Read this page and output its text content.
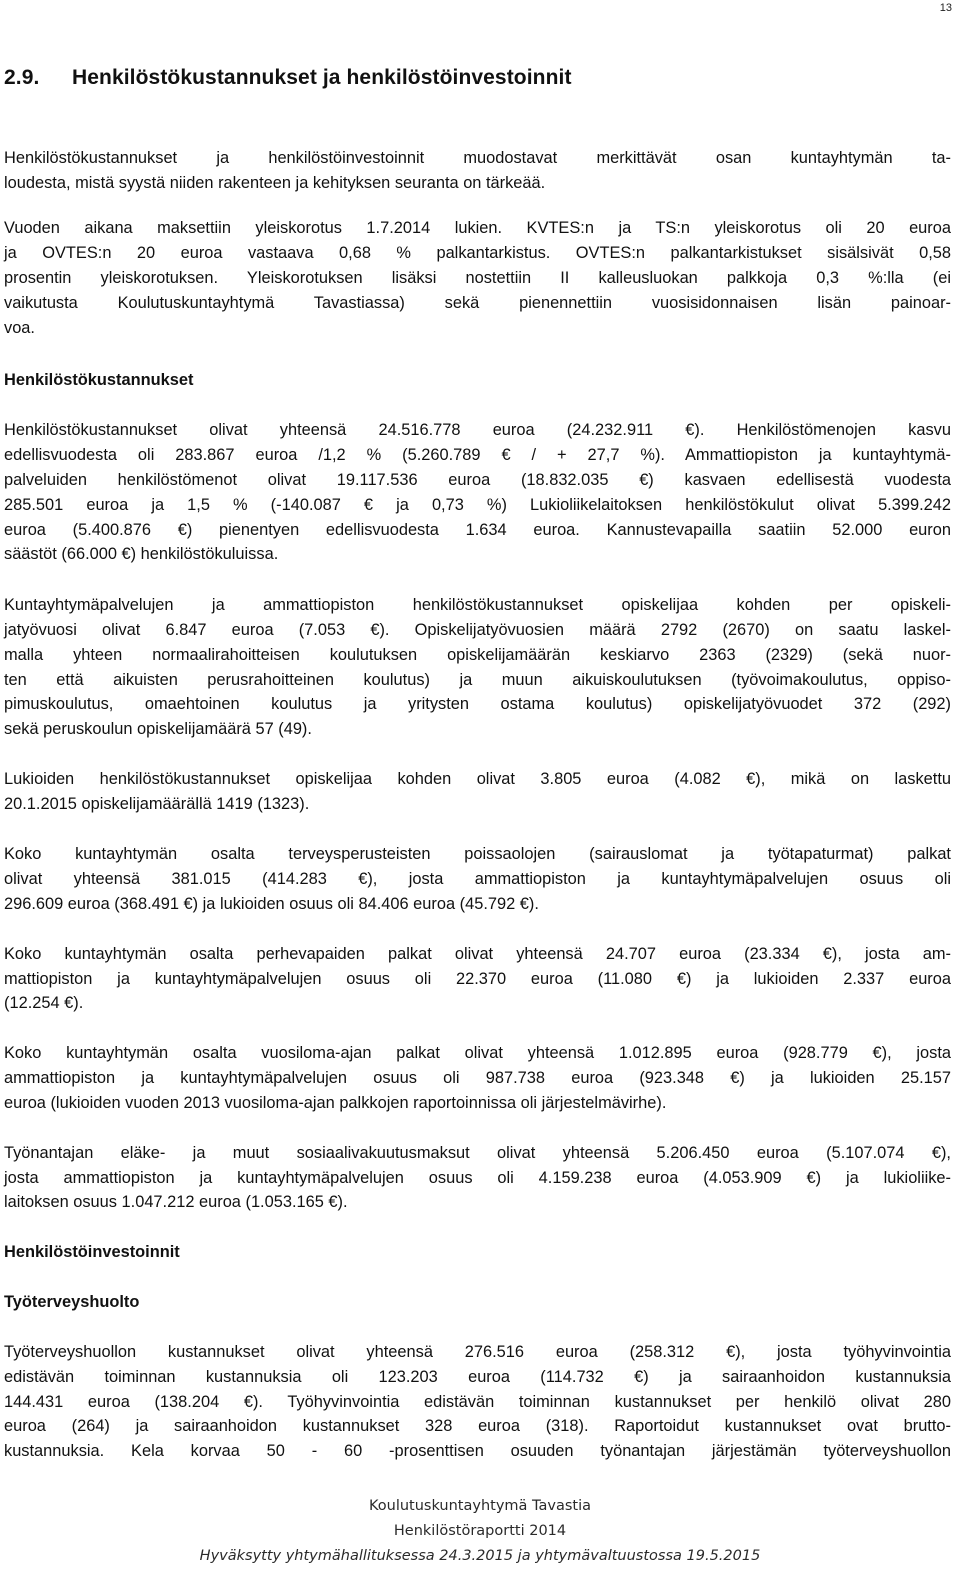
13
2.9. Henkilöstökustannukset ja henkilöstöinvestoinnit

Henkilöstökustannukset ja henkilöstöinvestoinnit muodostavat merkittävät osan kuntayhtymän ta-

loudesta, mistä syystä niiden rakenteen ja kehityksen seuranta on tärkeää.

Vuoden aikana maksettiin yleiskorotus 1.7.2014 lukien. KVTES:n ja TS:n yleiskorotus oli 20 euroa

ja OVTES:n 20 euroa vastaava 0,68 % palkantarkistus. OVTES:n palkantarkistukset sisälsivät 0,58

prosentin yleiskorotuksen. Yleiskorotuksen lisäksi nostettiin II kalleusluokan palkkoja 0,3 %:lla (ei

vaikutusta Koulutuskuntayhtymä Tavastiassa) sekä pienennettiin vuosisidonnaisen lisän painoar-

voa.

Henkilöstökustannukset

Henkilöstökustannukset olivat yhteensä 24.516.778 euroa (24.232.911 €). Henkilöstömenojen kasvu

edellisvuodesta oli 283.867 euroa /1,2 % (5.260.789 € / + 27,7 %). Ammattiopiston ja kuntayhtymä-

palveluiden henkilöstömenot olivat 19.117.536 euroa (18.832.035 €) kasvaen edellisestä vuodesta

285.501 euroa ja 1,5 % (-140.087 € ja 0,73 %) Lukioliikelaitoksen henkilöstökulut olivat 5.399.242

euroa (5.400.876 €) pienentyen edellisvuodesta 1.634 euroa. Kannustevapailla saatiin 52.000 euron

säästöt (66.000 €) henkilöstökuluissa.

Kuntayhtymäpalvelujen ja ammattiopiston henkilöstökustannukset opiskelijaa kohden per opiskeli-

jatyövuosi olivat 6.847 euroa (7.053 €). Opiskelijatyövuosien määrä 2792 (2670) on saatu laskel-

malla yhteen normaalirahoitteisen koulutuksen opiskelijamäärän keskiarvo 2363 (2329) (sekä nuor-

ten että aikuisten perusrahoitteinen koulutus) ja muun aikuiskoulutuksen (työvoimakoulutus, oppiso-

pimuskoulutus, omaehtoinen koulutus ja yritysten ostama koulutus) opiskelijatyövuodet 372 (292)

sekä peruskoulun opiskelijamäärä 57 (49).

Lukioiden henkilöstökustannukset opiskelijaa kohden olivat 3.805 euroa (4.082 €), mikä on laskettu

20.1.2015 opiskelijamäärällä 1419 (1323).

Koko kuntayhtymän osalta terveysperusteisten poissaolojen (sairauslomat ja työtapaturmat) palkat

olivat yhteensä 381.015 (414.283 €), josta ammattiopiston ja kuntayhtymäpalvelujen osuus oli

296.609 euroa (368.491 €) ja lukioiden osuus oli 84.406 euroa (45.792 €).

Koko kuntayhtymän osalta perhevapaiden palkat olivat yhteensä 24.707 euroa (23.334 €), josta am-

mattiopiston ja kuntayhtymäpalvelujen osuus oli 22.370 euroa (11.080 €) ja lukioiden 2.337 euroa

(12.254 €).

Koko kuntayhtymän osalta vuosiloma-ajan palkat olivat yhteensä 1.012.895 euroa (928.779 €), josta

ammattiopiston ja kuntayhtymäpalvelujen osuus oli 987.738 euroa (923.348 €) ja lukioiden 25.157

euroa (lukioiden vuoden 2013 vuosiloma-ajan palkkojen raportoinnissa oli järjestelmävirhe).

Työnantajan eläke- ja muut sosiaalivakuutusmaksut olivat yhteensä 5.206.450 euroa (5.107.074 €),

josta ammattiopiston ja kuntayhtymäpalvelujen osuus oli 4.159.238 euroa (4.053.909 €) ja lukioliike-

laitoksen osuus 1.047.212 euroa (1.053.165 €).

Henkilöstöinvestoinnit

Työterveyshuolto

Työterveyshuollon kustannukset olivat yhteensä 276.516 euroa (258.312 €), josta työhyvinvointia

edistävän toiminnan kustannuksia oli 123.203 euroa (114.732 €) ja sairaanhoidon kustannuksia

144.431 euroa (138.204 €). Työhyvinvointia edistävän toiminnan kustannukset per henkilö olivat 280

euroa (264) ja sairaanhoidon kustannukset 328 euroa (318). Raportoidut kustannukset ovat brutto-

kustannuksia. Kela korvaa 50 - 60 -prosenttisen osuuden työnantajan järjestämän työterveyshuollon

Koulutuskuntayhtymä Tavastia

Henkilöstöraportti 2014

Hyväksytty yhtymähallituksessa 24.3.2015 ja yhtymävaltuustossa 19.5.2015
